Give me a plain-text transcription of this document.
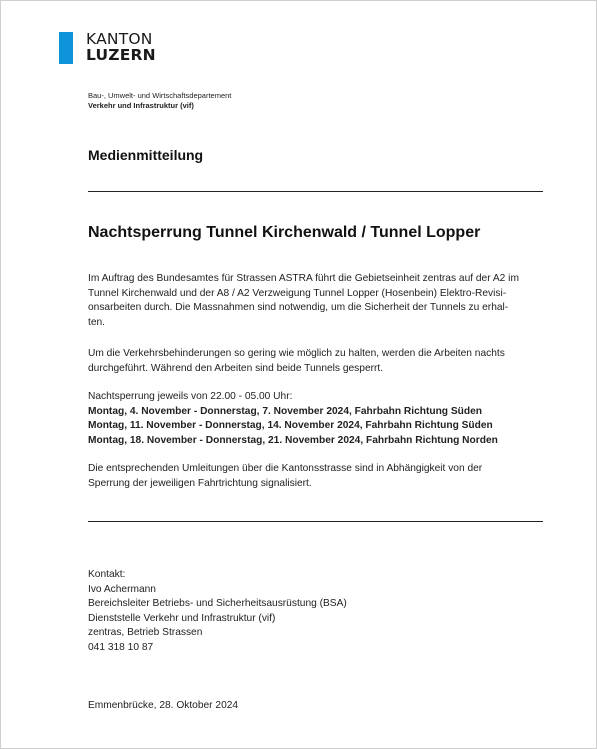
KANTON
LUZERN
Bau-, Umwelt- und Wirtschaftsdepartement
Verkehr und Infrastruktur (vif)
Medienmitteilung
Nachtsperrung Tunnel Kirchenwald / Tunnel Lopper
Im Auftrag des Bundesamtes für Strassen ASTRA führt die Gebietseinheit zentras auf der A2 im
Tunnel Kirchenwald und der A8 / A2 Verzweigung Tunnel Lopper (Hosenbein) Elektro-Revisi-
onsarbeiten durch. Die Massnahmen sind notwendig, um die Sicherheit der Tunnels zu erhal-
ten.
Um die Verkehrsbehinderungen so gering wie möglich zu halten, werden die Arbeiten nachts
durchgeführt. Während den Arbeiten sind beide Tunnels gesperrt.
Nachtsperrung jeweils von 22.00 - 05.00 Uhr:
Montag, 4. November - Donnerstag, 7. November 2024, Fahrbahn Richtung Süden
Montag, 11. November - Donnerstag, 14. November 2024, Fahrbahn Richtung Süden
Montag, 18. November - Donnerstag, 21. November 2024, Fahrbahn Richtung Norden
Die entsprechenden Umleitungen über die Kantonsstrasse sind in Abhängigkeit von der
Sperrung der jeweiligen Fahrtrichtung signalisiert.
Kontakt:
Ivo Achermann
Bereichsleiter Betriebs- und Sicherheitsausrüstung (BSA)
Dienststelle Verkehr und Infrastruktur (vif)
zentras, Betrieb Strassen
041 318 10 87
Emmenbrücke, 28. Oktober 2024
